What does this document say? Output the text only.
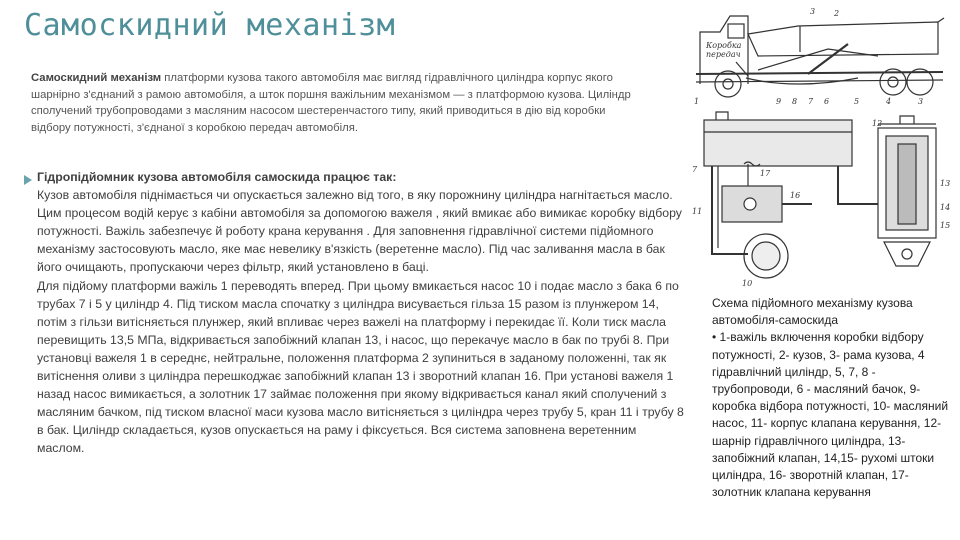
Самоскидний механізм
Самоскидний механізм платформи кузова такого автомобіля має вигляд гідравлічного циліндра корпус якого шарнірно з'єднаний з рамою автомобіля, а шток поршня важільним механізмом — з платформою кузова. Циліндр сполучений трубопроводами з масляним насосом шестеренчастого типу, який приводиться в дію від коробки відбору потужності, з'єднаної з коробкою передач автомобіля.

Гідропідйомник кузова автомобіля самоскида працює так:

Кузов автомобіля піднімається чи опускається залежно від того, в яку порожнину циліндра нагнітається масло. Цим процесом водій керує з кабіни автомобіля за допомогою важеля , який вмикає або вимикає коробку відбору потужності. Важіль забезпечує й роботу крана керування . Для заповнення гідравлічної системи підйомного механізму застосовують масло, яке має невелику в'язкість (веретенне масло). Під час заливання масла в бак його очищають, пропускаючи через фільтр, який установлено в баці.

Для підйому платформи важіль 1 переводять вперед. При цьому вмикається насос 10 і подає масло з бака 6 по трубах 7 і 5 у циліндр 4. Під тиском масла спочатку з циліндра висувається гільза 15 разом із плунжером 14, потім з гільзи витісняється плунжер, який впливає через важелі на платформу і перекидає її. Коли тиск масла перевищить 13,5 МПа, відкривається запобіжний клапан 13, і насос, що перекачує масло в бак по трубі 8. При установці важеля 1 в середнє, нейтральне, положення платформа 2 зупиниться в заданому положенні, так як витіснення оливи з циліндра перешкоджає запобіжний клапан 13 і зворотний клапан 16. При установі важеля 1 назад насос вимикається, а золотник 17 займає положення при якому відкривається канал який сполучений з масляним бачком, під тиском власної маси кузова масло витісняється з циліндра через трубу 5, кран 11 і трубу 8 в бак. Циліндр складається, кузов опускається на раму і фіксується. Вся система заповнена веретенним маслом.

Коробка
передач
1
2
3
9 8 7 6	5	4	3
7	17
16
11
10
12
13
14
15

Схема підйомного механізму кузова автомобіля-самоскида

• 1-важіль включення коробки відбору потужності, 2- кузов, 3- рама кузова, 4 гідравлічний циліндр, 5, 7, 8 - трубопроводи, 6 - масляний бачок, 9- коробка відбора потужності, 10- масляний насос, 11- корпус клапана керування, 12- шарнір гідравлічного циліндра, 13- запобіжний клапан, 14,15- рухомі штоки циліндра, 16- зворотній клапан, 17- золотник клапана керування
